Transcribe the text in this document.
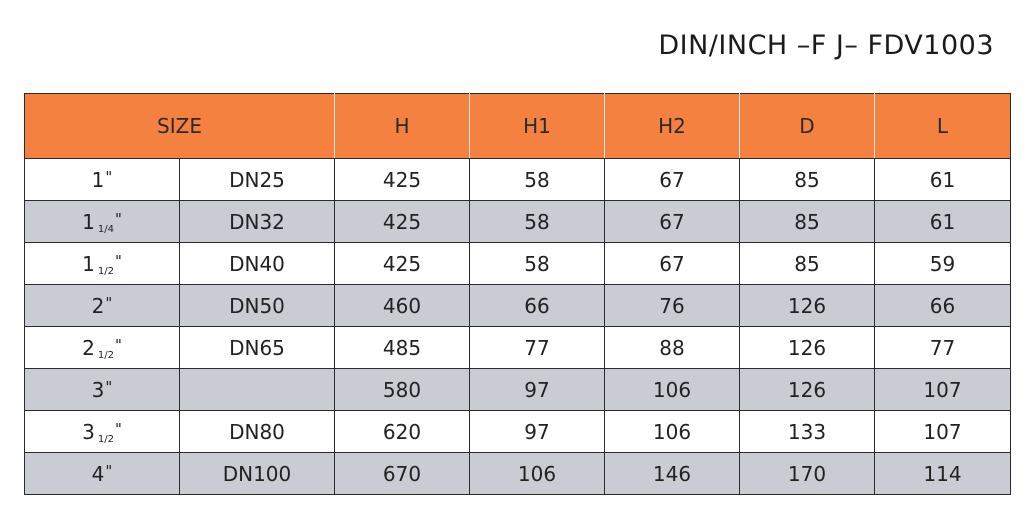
DIN/INCH –F J– FDV1003
SIZE		H	H1	H2	D	L
1"	DN25	425	58	67	85	61
1 1/4"	DN32	425	58	67	85	61
1 1/2"	DN40	425	58	67	85	59
2"	DN50	460	66	76	126	66
2 1/2"	DN65	485	77	88	126	77
3"		580	97	106	126	107
3 1/2"	DN80	620	97	106	133	107
4"	DN100	670	106	146	170	114
